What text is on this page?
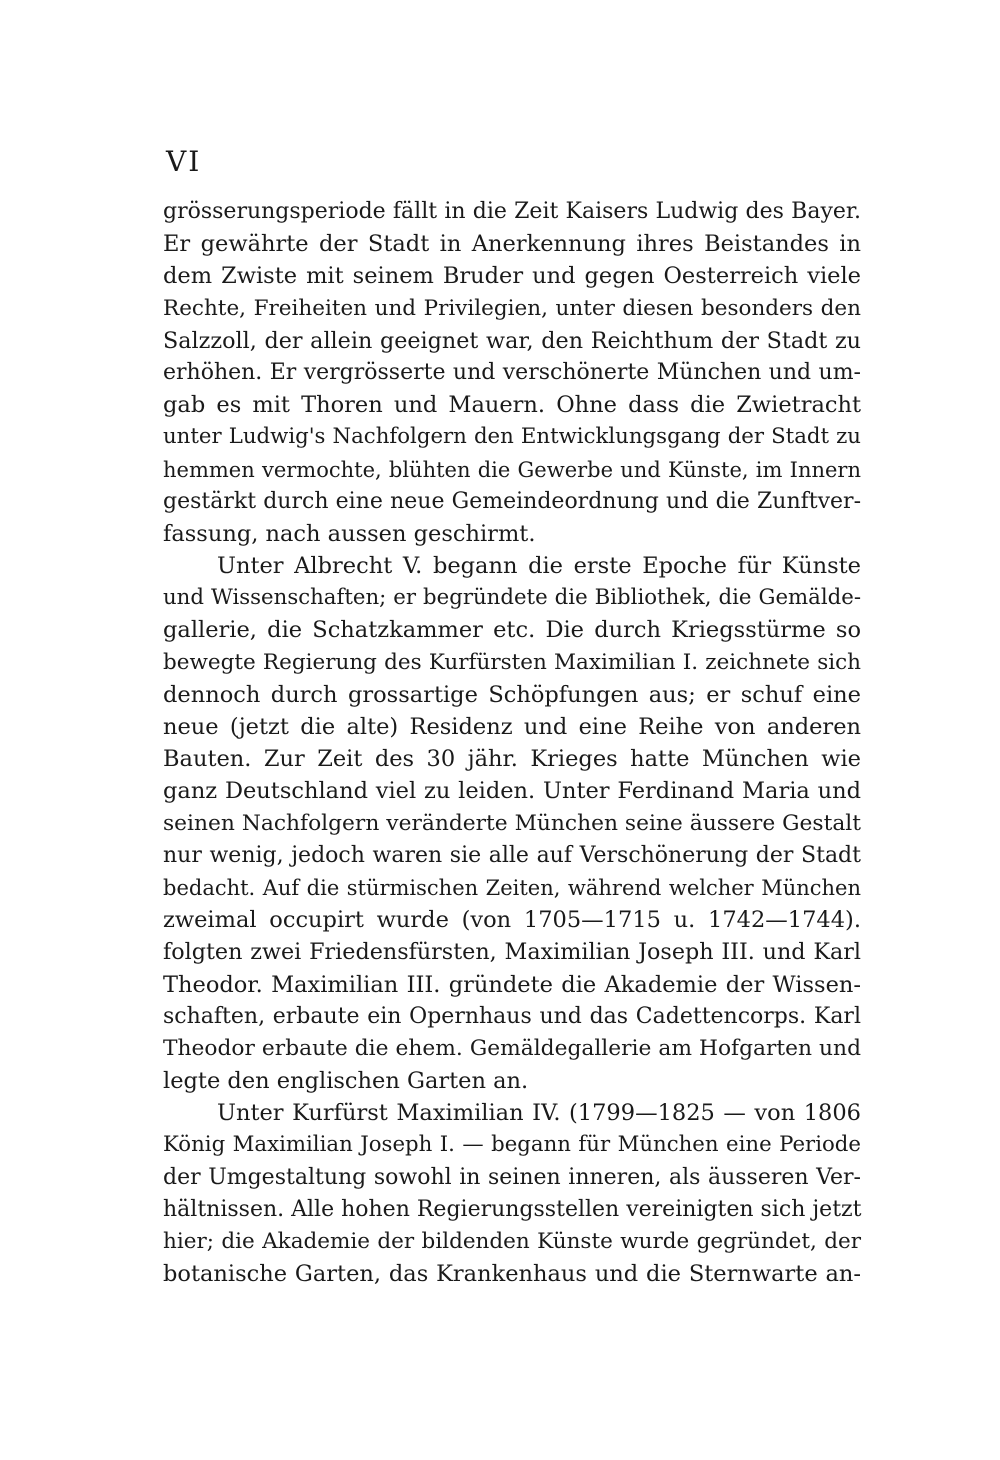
VI
grösserungsperiode fällt in die Zeit Kaisers Ludwig des Bayer.
Er gewährte der Stadt in Anerkennung ihres Beistandes in
dem Zwiste mit seinem Bruder und gegen Oesterreich viele
Rechte, Freiheiten und Privilegien, unter diesen besonders den
Salzzoll, der allein geeignet war, den Reichthum der Stadt zu
erhöhen. Er vergrösserte und verschönerte München und um-
gab es mit Thoren und Mauern. Ohne dass die Zwietracht
unter Ludwig's Nachfolgern den Entwicklungsgang der Stadt zu
hemmen vermochte, blühten die Gewerbe und Künste, im Innern
gestärkt durch eine neue Gemeindeordnung und die Zunftver-
fassung, nach aussen geschirmt.
Unter Albrecht V. begann die erste Epoche für Künste
und Wissenschaften; er begründete die Bibliothek, die Gemälde-
gallerie, die Schatzkammer etc. Die durch Kriegsstürme so
bewegte Regierung des Kurfürsten Maximilian I. zeichnete sich
dennoch durch grossartige Schöpfungen aus; er schuf eine
neue (jetzt die alte) Residenz und eine Reihe von anderen
Bauten. Zur Zeit des 30 jähr. Krieges hatte München wie
ganz Deutschland viel zu leiden. Unter Ferdinand Maria und
seinen Nachfolgern veränderte München seine äussere Gestalt
nur wenig, jedoch waren sie alle auf Verschönerung der Stadt
bedacht. Auf die stürmischen Zeiten, während welcher München
zweimal occupirt wurde (von 1705—1715 u. 1742—1744).
folgten zwei Friedensfürsten, Maximilian Joseph III. und Karl
Theodor. Maximilian III. gründete die Akademie der Wissen-
schaften, erbaute ein Opernhaus und das Cadettencorps. Karl
Theodor erbaute die ehem. Gemäldegallerie am Hofgarten und
legte den englischen Garten an.
Unter Kurfürst Maximilian IV. (1799—1825 — von 1806
König Maximilian Joseph I. — begann für München eine Periode
der Umgestaltung sowohl in seinen inneren, als äusseren Ver-
hältnissen. Alle hohen Regierungsstellen vereinigten sich jetzt
hier; die Akademie der bildenden Künste wurde gegründet, der
botanische Garten, das Krankenhaus und die Sternwarte an-
